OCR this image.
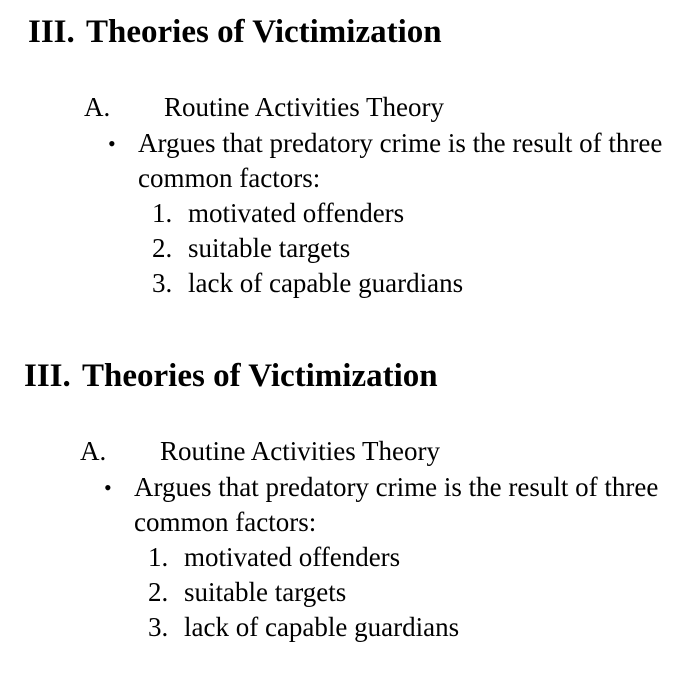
III. Theories of Victimization
A. Routine Activities Theory
• Argues that predatory crime is the result of three common factors:
1. motivated offenders
2. suitable targets
3. lack of capable guardians
III. Theories of Victimization
A. Routine Activities Theory
• Argues that predatory crime is the result of three common factors:
1. motivated offenders
2. suitable targets
3. lack of capable guardians
